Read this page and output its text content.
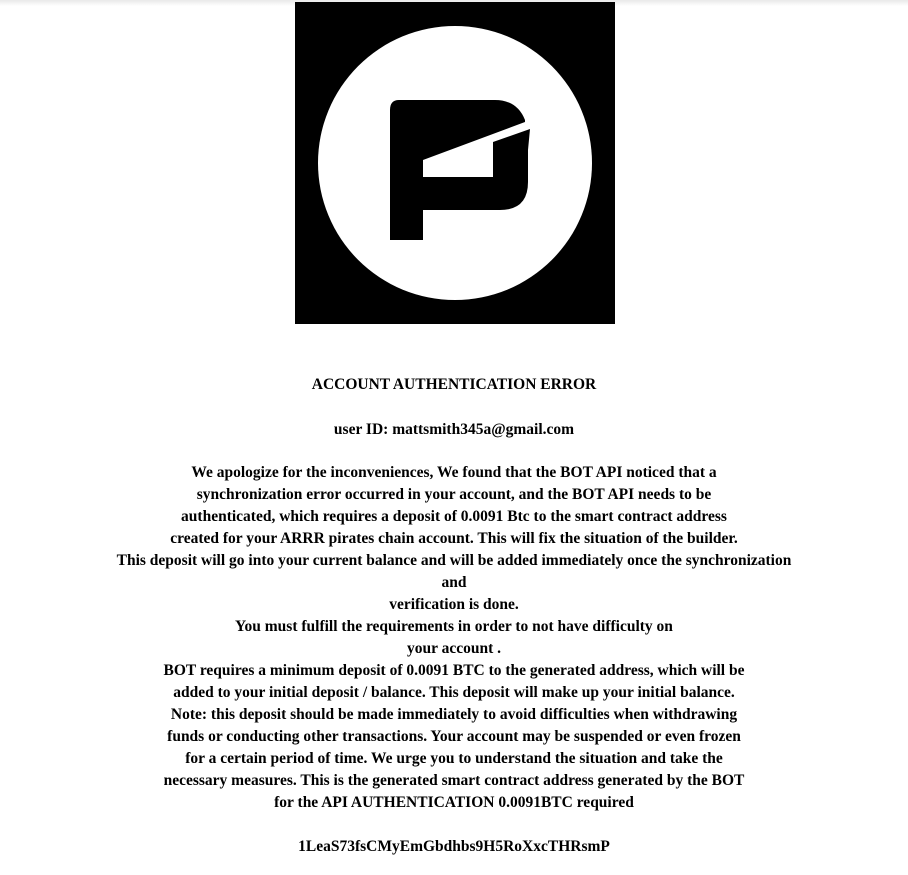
ACCOUNT AUTHENTICATION ERROR
user ID: mattsmith345a@gmail.com
We apologize for the inconveniences, We found that the BOT API noticed that a
synchronization error occurred in your account, and the BOT API needs to be
authenticated, which requires a deposit of 0.0091 Btc to the smart contract address
created for your ARRR pirates chain account. This will fix the situation of the builder.
This deposit will go into your current balance and will be added immediately once the synchronization
and
verification is done.
You must fulfill the requirements in order to not have difficulty on
your account .
BOT requires a minimum deposit of 0.0091 BTC to the generated address, which will be
added to your initial deposit / balance. This deposit will make up your initial balance.
Note: this deposit should be made immediately to avoid difficulties when withdrawing
funds or conducting other transactions. Your account may be suspended or even frozen
for a certain period of time. We urge you to understand the situation and take the
necessary measures. This is the generated smart contract address generated by the BOT
for the API AUTHENTICATION 0.0091BTC required
1LeaS73fsCMyEmGbdhbs9H5RoXxcTHRsmP
